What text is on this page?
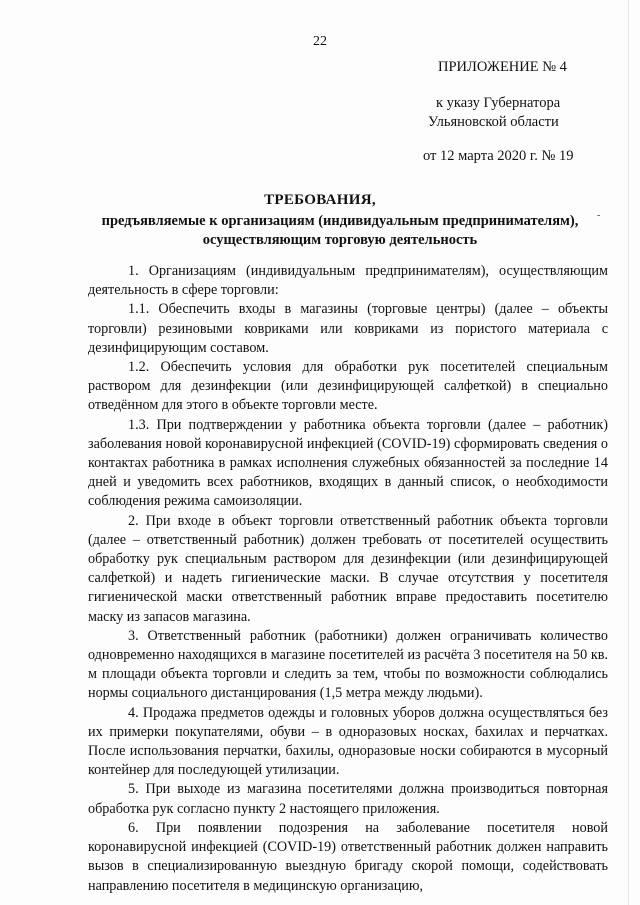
22
ПРИЛОЖЕНИЕ № 4
к указу Губернатора
Ульяновской области
от 12 марта 2020 г. № 19
ТРЕБОВАНИЯ,
предъявляемые к организациям (индивидуальным предпринимателям), осуществляющим торговую деятельность
-

1. Организациям (индивидуальным предпринимателям), осуществляющим деятельность в сфере торговли:

1.1. Обеспечить входы в магазины (торговые центры) (далее – объекты торговли) резиновыми ковриками или ковриками из пористого материала с дезинфицирующим составом.

1.2. Обеспечить условия для обработки рук посетителей специальным раствором для дезинфекции (или дезинфицирующей салфеткой) в специально отведённом для этого в объекте торговли месте.

1.3. При подтверждении у работника объекта торговли (далее – работник) заболевания новой коронавирусной инфекцией (COVID-19) сформировать сведения о контактах работника в рамках исполнения служебных обязанностей за последние 14 дней и уведомить всех работников, входящих в данный список, о необходимости соблюдения режима самоизоляции.

2. При входе в объект торговли ответственный работник объекта торговли (далее – ответственный работник) должен требовать от посетителей осуществить обработку рук специальным раствором для дезинфекции (или дезинфицирующей салфеткой) и надеть гигиенические маски. В случае отсутствия у посетителя гигиенической маски ответственный работник вправе предоставить посетителю маску из запасов магазина.

3. Ответственный работник (работники) должен ограничивать количество одновременно находящихся в магазине посетителей из расчёта 3 посетителя на 50 кв. м площади объекта торговли и следить за тем, чтобы по возможности соблюдались нормы социального дистанцирования (1,5 метра между людьми).

4. Продажа предметов одежды и головных уборов должна осуществляться без их примерки покупателями, обуви – в одноразовых носках, бахилах и перчатках. После использования перчатки, бахилы, одноразовые носки собираются в мусорный контейнер для последующей утилизации.

5. При выходе из магазина посетителями должна производиться повторная обработка рук согласно пункту 2 настоящего приложения.

6. При появлении подозрения на заболевание посетителя новой коронавирусной инфекцией (COVID-19) ответственный работник должен направить вызов в специализированную выездную бригаду скорой помощи, содействовать направлению посетителя в медицинскую организацию,
